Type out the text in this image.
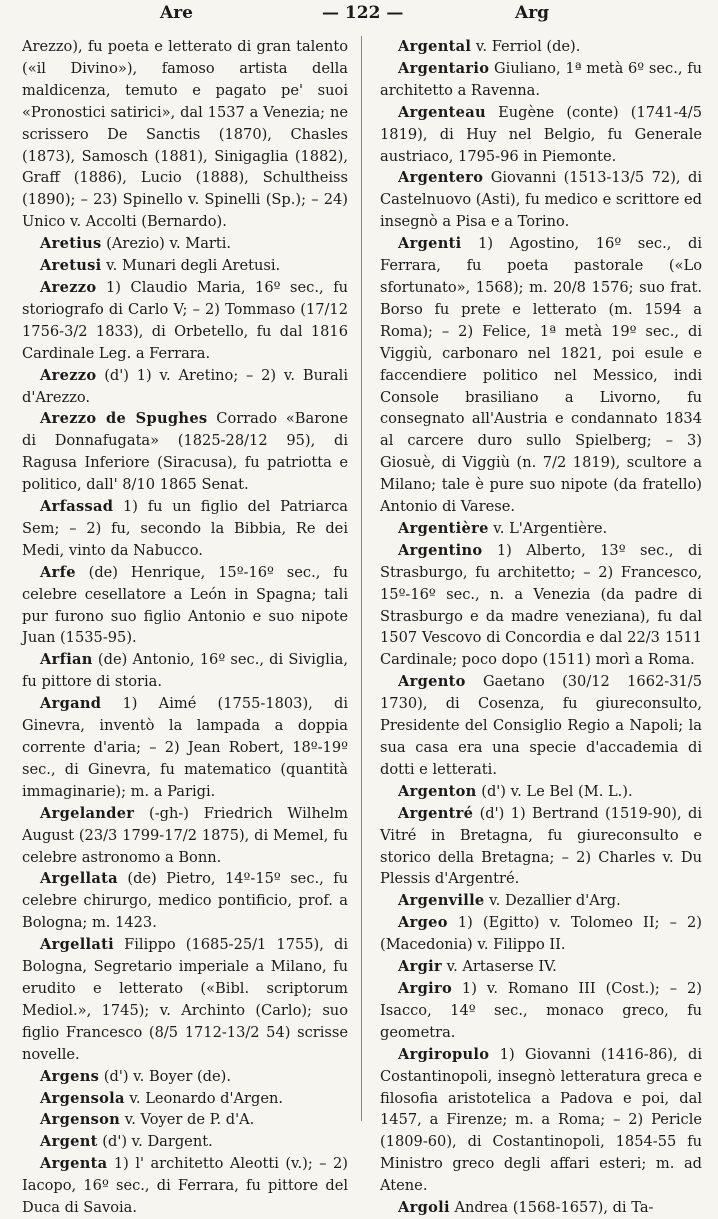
Are	— 122 —	Arg

Arezzo), fu poeta e letterato di gran talento («il Divino»), famoso artista della maldicenza, temuto e pagato pe' suoi «Pronostici satirici», dal 1537 a Venezia; ne scrissero De Sanctis (1870), Chasles (1873), Samosch (1881), Sinigaglia (1882), Graff (1886), Lucio (1888), Schultheiss (1890); – 23) Spinello v. Spinelli (Sp.); – 24) Unico v. Accolti (Bernardo).

Aretius (Arezio) v. Marti.

Aretusi v. Munari degli Aretusi.

Arezzo 1) Claudio Maria, 16º sec., fu storiografo di Carlo V; – 2) Tommaso (17/12 1756-3/2 1833), di Orbetello, fu dal 1816 Cardinale Leg. a Ferrara.

Arezzo (d') 1) v. Aretino; – 2) v. Burali d'Arezzo.

Arezzo de Spughes Corrado «Barone di Donnafugata» (1825-28/12 95), di Ragusa Inferiore (Siracusa), fu patriotta e politico, dall' 8/10 1865 Senat.

Arfassad 1) fu un figlio del Patriarca Sem; – 2) fu, secondo la Bibbia, Re dei Medi, vinto da Nabucco.

Arfe (de) Henrique, 15º-16º sec., fu celebre cesellatore a León in Spagna; tali pur furono suo figlio Antonio e suo nipote Juan (1535-95).

Arfian (de) Antonio, 16º sec., di Siviglia, fu pittore di storia.

Argand 1) Aimé (1755-1803), di Ginevra, inventò la lampada a doppia corrente d'aria; – 2) Jean Robert, 18º-19º sec., di Ginevra, fu matematico (quantità immaginarie); m. a Parigi.

Argelander (-gh-) Friedrich Wilhelm August (23/3 1799-17/2 1875), di Memel, fu celebre astronomo a Bonn.

Argellata (de) Pietro, 14º-15º sec., fu celebre chirurgo, medico pontificio, prof. a Bologna; m. 1423.

Argellati Filippo (1685-25/1 1755), di Bologna, Segretario imperiale a Milano, fu erudito e letterato («Bibl. scriptorum Mediol.», 1745); v. Archinto (Carlo); suo figlio Francesco (8/5 1712-13/2 54) scrisse novelle.

Argens (d') v. Boyer (de).

Argensola v. Leonardo d'Argen.

Argenson v. Voyer de P. d'A.

Argent (d') v. Dargent.

Argenta 1) l' architetto Aleotti (v.); – 2) Iacopo, 16º sec., di Ferrara, fu pittore del Duca di Savoia.

Argental v. Ferriol (de).

Argentario Giuliano, 1ª metà 6º sec., fu architetto a Ravenna.

Argenteau Eugène (conte) (1741-4/5 1819), di Huy nel Belgio, fu Generale austriaco, 1795-96 in Piemonte.

Argentero Giovanni (1513-13/5 72), di Castelnuovo (Asti), fu medico e scrittore ed insegnò a Pisa e a Torino.

Argenti 1) Agostino, 16º sec., di Ferrara, fu poeta pastorale («Lo sfortunato», 1568); m. 20/8 1576; suo frat. Borso fu prete e letterato (m. 1594 a Roma); – 2) Felice, 1ª metà 19º sec., di Viggiù, carbonaro nel 1821, poi esule e faccendiere politico nel Messico, indi Console brasiliano a Livorno, fu consegnato all'Austria e condannato 1834 al carcere duro sullo Spielberg; – 3) Giosuè, di Viggiù (n. 7/2 1819), scultore a Milano; tale è pure suo nipote (da fratello) Antonio di Varese.

Argentière v. L'Argentière.

Argentino 1) Alberto, 13º sec., di Strasburgo, fu architetto; – 2) Francesco, 15º-16º sec., n. a Venezia (da padre di Strasburgo e da madre veneziana), fu dal 1507 Vescovo di Concordia e dal 22/3 1511 Cardinale; poco dopo (1511) morì a Roma.

Argento Gaetano (30/12 1662-31/5 1730), di Cosenza, fu giureconsulto, Presidente del Consiglio Regio a Napoli; la sua casa era una specie d'accademia di dotti e letterati.

Argenton (d') v. Le Bel (M. L.).

Argentré (d') 1) Bertrand (1519-90), di Vitré in Bretagna, fu giureconsulto e storico della Bretagna; – 2) Charles v. Du Plessis d'Argentré.

Argenville v. Dezallier d'Arg.

Argeo 1) (Egitto) v. Tolomeo II; – 2) (Macedonia) v. Filippo II.

Argir v. Artaserse IV.

Argiro 1) v. Romano III (Cost.); – 2) Isacco, 14º sec., monaco greco, fu geometra.

Argiropulo 1) Giovanni (1416-86), di Costantinopoli, insegnò letteratura greca e filosofia aristotelica a Padova e poi, dal 1457, a Firenze; m. a Roma; – 2) Pericle (1809-60), di Costantinopoli, 1854-55 fu Ministro greco degli affari esteri; m. ad Atene.

Argoli Andrea (1568-1657), di Ta-
